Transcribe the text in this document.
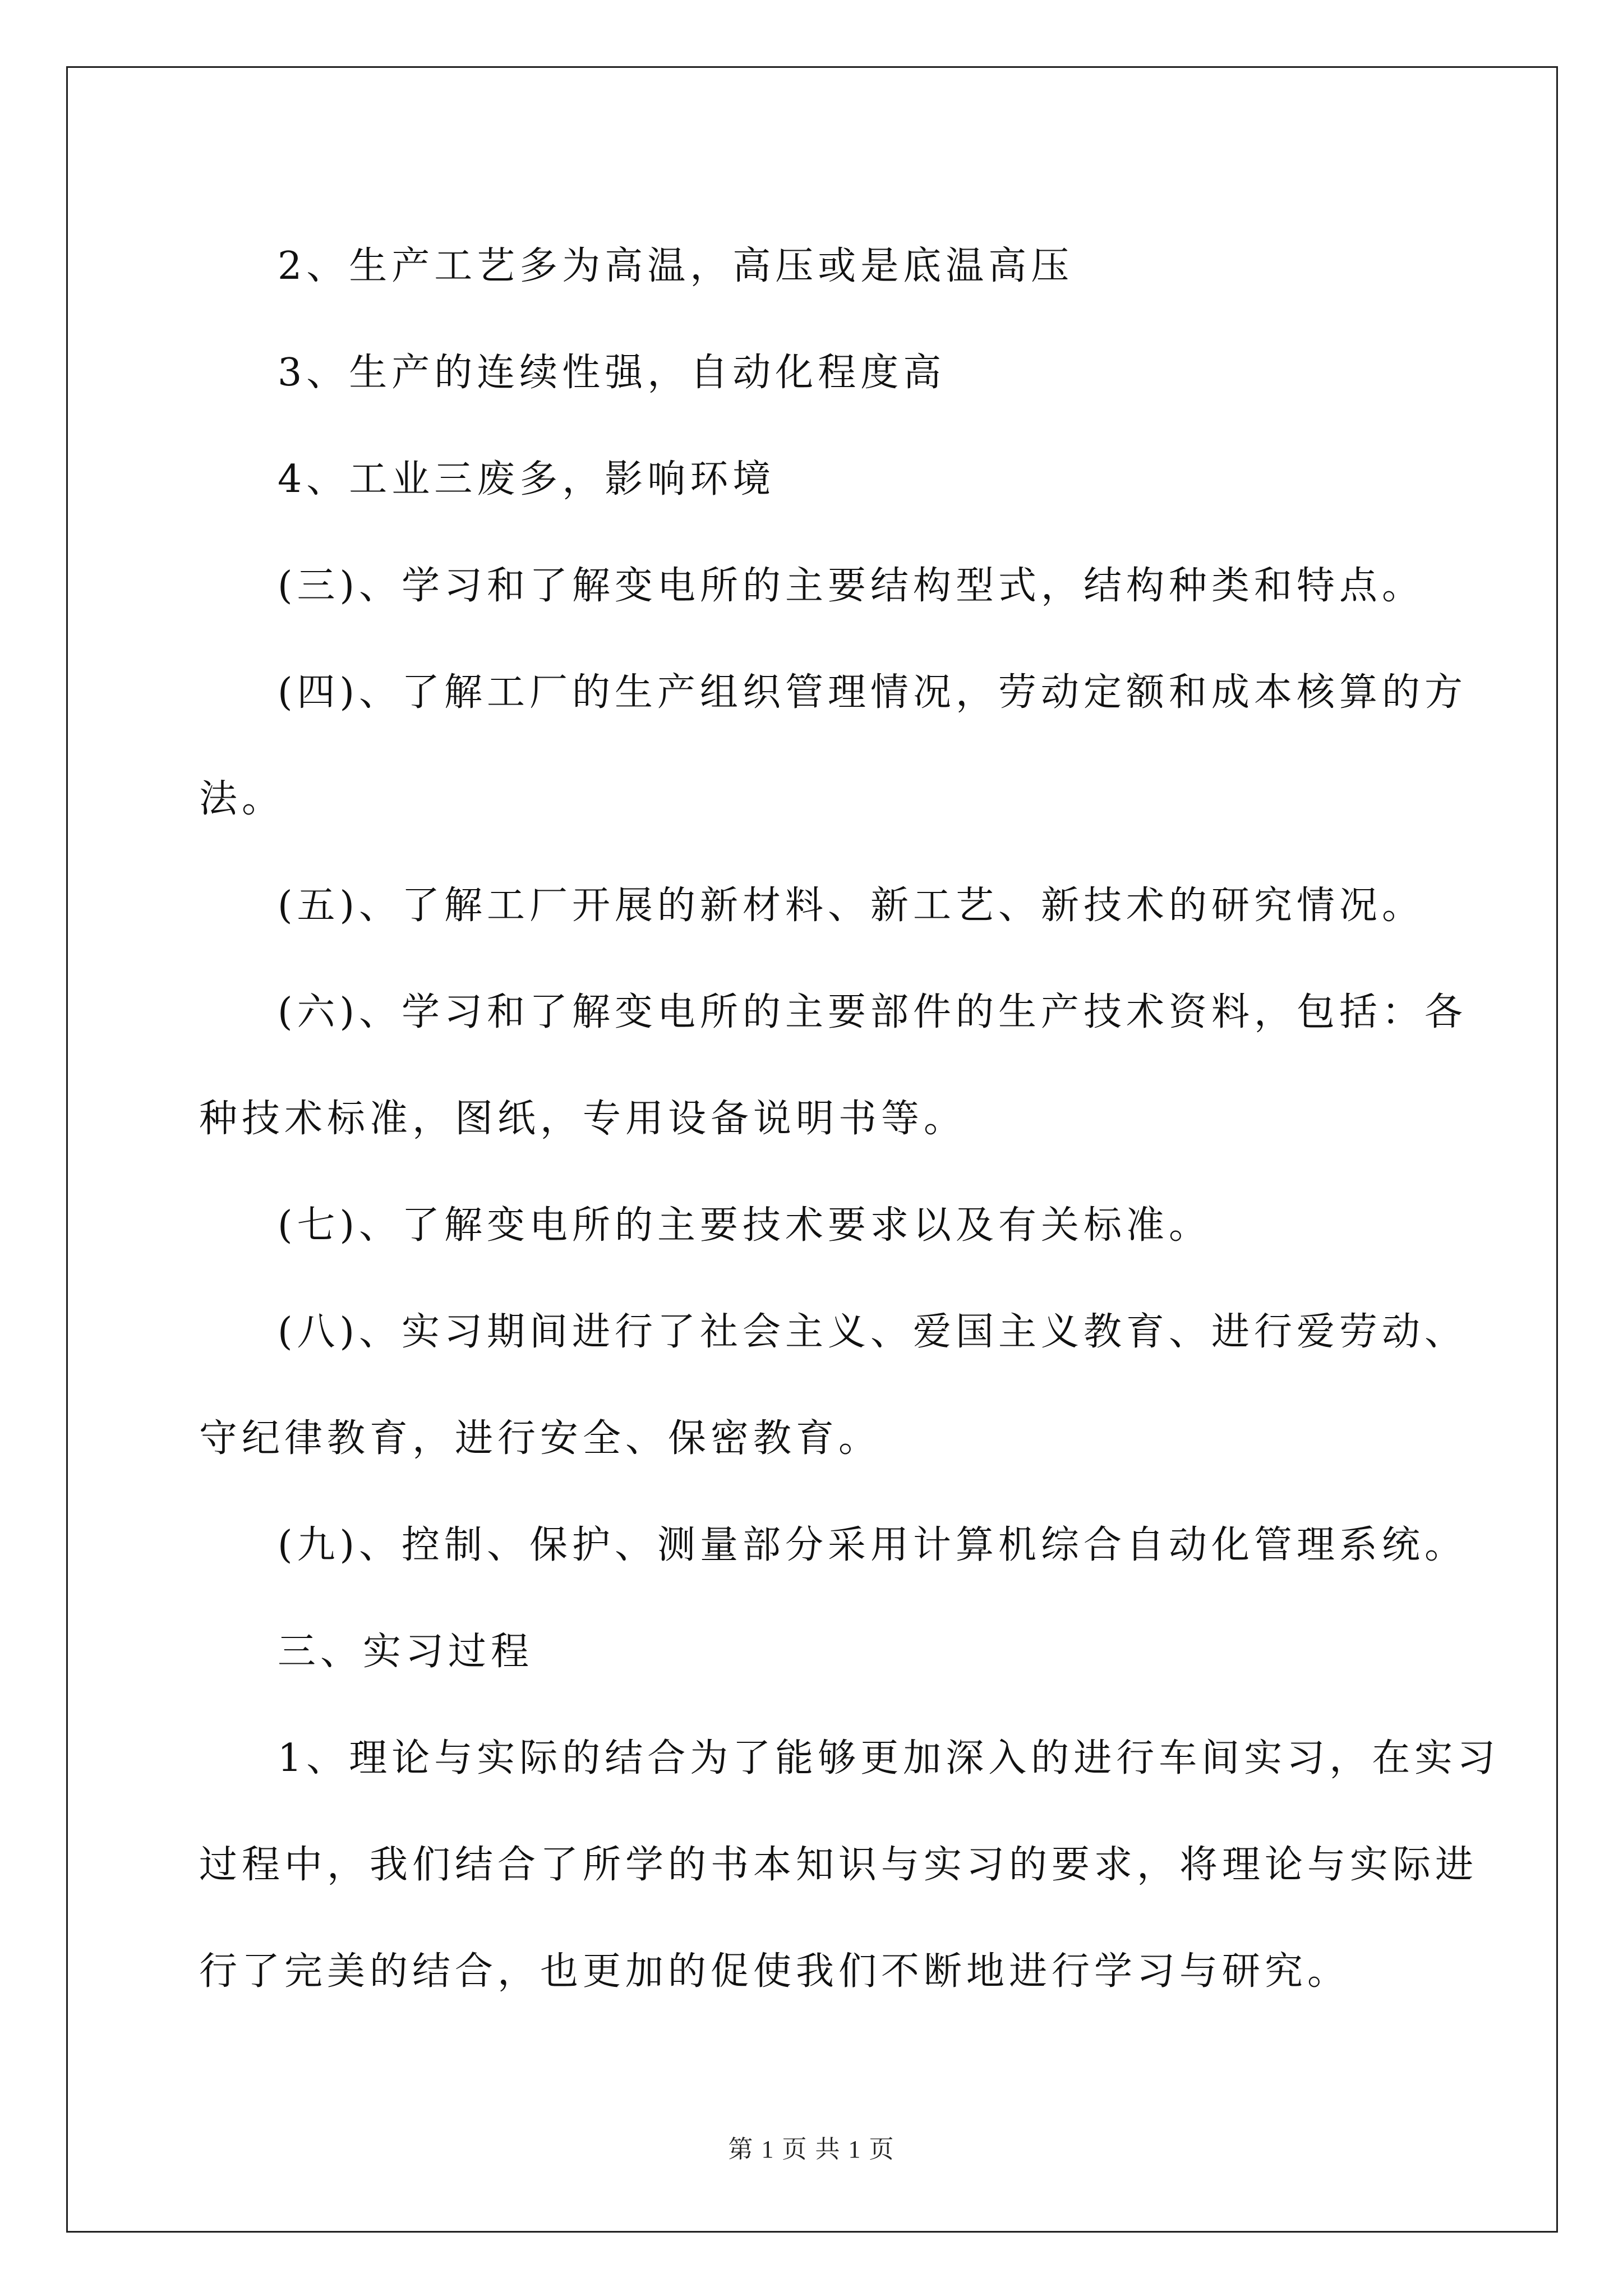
2、生产工艺多为高温，高压或是底温高压

3、生产的连续性强，自动化程度高

4、工业三废多，影响环境

(三)、学习和了解变电所的主要结构型式，结构种类和特点。

(四)、了解工厂的生产组织管理情况，劳动定额和成本核算的方

法。

(五)、了解工厂开展的新材料、新工艺、新技术的研究情况。

(六)、学习和了解变电所的主要部件的生产技术资料，包括：各

种技术标准，图纸，专用设备说明书等。

(七)、了解变电所的主要技术要求以及有关标准。

(八)、实习期间进行了社会主义、爱国主义教育、进行爱劳动、

守纪律教育，进行安全、保密教育。

(九)、控制、保护、测量部分采用计算机综合自动化管理系统。

三、实习过程

1、理论与实际的结合为了能够更加深入的进行车间实习，在实习

过程中，我们结合了所学的书本知识与实习的要求，将理论与实际进

行了完美的结合，也更加的促使我们不断地进行学习与研究。

第 1 页 共 1 页
